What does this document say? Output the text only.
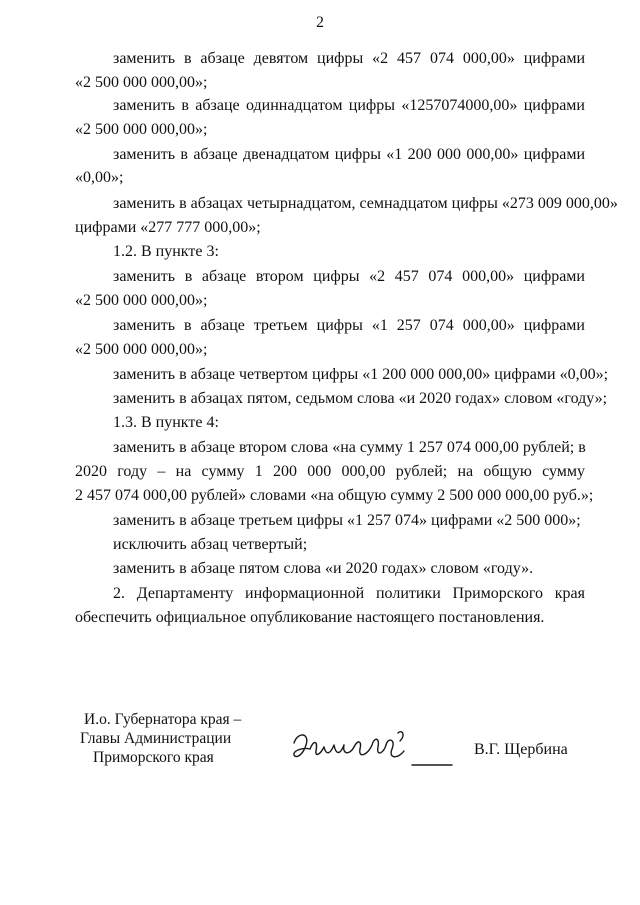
2
заменить в абзаце девятом цифры «2 457 074 000,00» цифрами
«2 500 000 000,00»;
заменить в абзаце одиннадцатом цифры «1257074000,00» цифрами
«2 500 000 000,00»;
заменить в абзаце двенадцатом цифры «1 200 000 000,00» цифрами
«0,00»;
заменить в абзацах четырнадцатом, семнадцатом цифры «273 009 000,00»
цифрами «277 777 000,00»;
1.2. В пункте 3:
заменить в абзаце втором цифры «2 457 074 000,00» цифрами
«2 500 000 000,00»;
заменить в абзаце третьем цифры «1 257 074 000,00» цифрами
«2 500 000 000,00»;
заменить в абзаце четвертом цифры «1 200 000 000,00» цифрами «0,00»;
заменить в абзацах пятом, седьмом слова «и 2020 годах» словом «году»;
1.3. В пункте 4:
заменить в абзаце втором слова «на сумму 1 257 074 000,00 рублей; в
2020 году – на сумму 1 200 000 000,00 рублей; на общую сумму
2 457 074 000,00 рублей» словами «на общую сумму 2 500 000 000,00 руб.»;
заменить в абзаце третьем цифры «1 257 074» цифрами «2 500 000»;
исключить абзац четвертый;
заменить в абзаце пятом слова «и 2020 годах» словом «году».
2. Департаменту информационной политики Приморского края
обеспечить официальное опубликование настоящего постановления.
И.о. Губернатора края –
Главы Администрации
Приморского края	В.Г. Щербина
